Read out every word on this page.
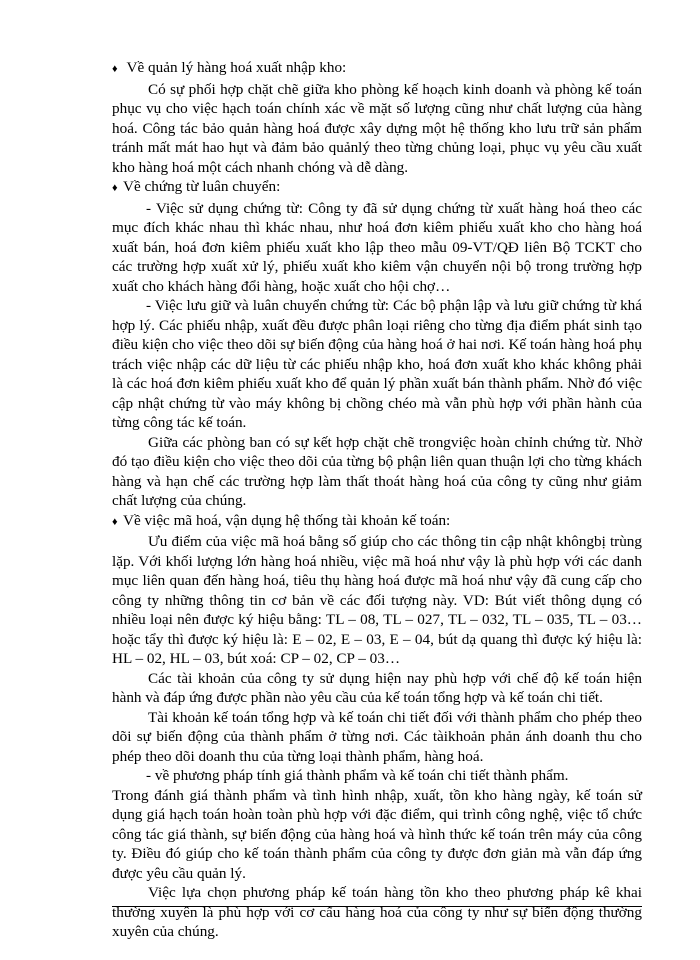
♦ Về quản lý hàng hoá xuất nhập kho:

Có sự phối hợp chặt chẽ giữa kho phòng kế hoạch kinh doanh và phòng kế toán phục vụ cho việc hạch toán chính xác về mặt số lượng cũng như chất lượng của hàng hoá. Công tác bảo quản hàng hoá được xây dựng một hệ thống kho lưu trữ sản phẩm tránh mất mát hao hụt và đảm bảo quảnlý theo từng chủng loại, phục vụ yêu cầu xuất kho hàng hoá một cách nhanh chóng và dễ dàng.

♦ Về chứng từ luân chuyển:

- Việc sử dụng chứng từ: Công ty đã sử dụng chứng từ xuất hàng hoá theo các mục đích khác nhau thì khác nhau, như hoá đơn kiêm phiếu xuất kho cho hàng hoá xuất bán, hoá đơn kiêm phiếu xuất kho lập theo mẫu 09-VT/QĐ liên Bộ TCKT cho các trường hợp xuất xử lý, phiếu xuất kho kiêm vận chuyển nội bộ trong trường hợp xuất cho khách hàng đổi hàng, hoặc xuất cho hội chợ…

- Việc lưu giữ và luân chuyển chứng từ: Các bộ phận lập và lưu giữ chứng từ khá hợp lý. Các phiếu nhập, xuất đều được phân loại riêng cho từng địa điểm phát sinh tạo điều kiện cho việc theo dõi sự biến động của hàng hoá ở hai nơi. Kế toán hàng hoá phụ trách việc nhập các dữ liệu từ các phiếu nhập kho, hoá đơn xuất kho khác không phải là các hoá đơn kiêm phiếu xuất kho để quản lý phần xuất bán thành phẩm. Nhờ đó việc cập nhật chứng từ vào máy không bị chồng chéo mà vẫn phù hợp với phần hành của từng công tác kế toán.

Giữa các phòng ban có sự kết hợp chặt chẽ trongviệc hoàn chỉnh chứng từ. Nhờ đó tạo điều kiện cho việc theo dõi của từng bộ phận liên quan thuận lợi cho từng khách hàng và hạn chế các trường hợp làm thất thoát hàng hoá của công ty cũng như giảm chất lượng của chúng.

♦ Về việc mã hoá, vận dụng hệ thống tài khoản kế toán:

Ưu điểm của việc mã hoá bằng số giúp cho các thông tin cập nhật khôngbị trùng lặp. Với khối lượng lớn hàng hoá nhiều, việc mã hoá như vậy là phù hợp với các danh mục liên quan đến hàng hoá, tiêu thụ hàng hoá được mã hoá như vậy đã cung cấp cho công ty những thông tin cơ bản về các đối tượng này. VD: Bút viết thông dụng có nhiều loại nên được ký hiệu bằng: TL – 08, TL – 027, TL – 032, TL – 035, TL – 03… hoặc tẩy thì được ký hiệu là: E – 02, E – 03, E – 04, bút dạ quang thì được ký hiệu là: HL – 02, HL – 03, bút xoá: CP – 02, CP – 03…

Các tài khoản của công ty sử dụng hiện nay phù hợp với chế độ kế toán hiện hành và đáp ứng được phần nào yêu cầu của kế toán tổng hợp và kế toán chi tiết.

Tài khoản kế toán tổng hợp và kế toán chi tiết đối với thành phẩm cho phép theo dõi sự biến động của thành phẩm ở từng nơi. Các tàikhoản phản ánh doanh thu cho phép theo dõi doanh thu của từng loại thành phẩm, hàng hoá.

- về phương pháp tính giá thành phẩm và kế toán chi tiết thành phẩm.

Trong đánh giá thành phẩm và tình hình nhập, xuất, tồn kho hàng ngày, kế toán sử dụng giá hạch toán hoàn toàn phù hợp với đặc điểm, qui trình công nghệ, việc tổ chức công tác giá thành, sự biến động của hàng hoá và hình thức kế toán trên máy của công ty. Điều đó giúp cho kế toán thành phẩm của công ty được đơn giản mà vẫn đáp ứng được yêu cầu quản lý.

Việc lựa chọn phương pháp kế toán hàng tồn kho theo phương pháp kê khai thường xuyên là phù hợp với cơ cấu hàng hoá của công ty như sự biến động thường xuyên của chúng.
